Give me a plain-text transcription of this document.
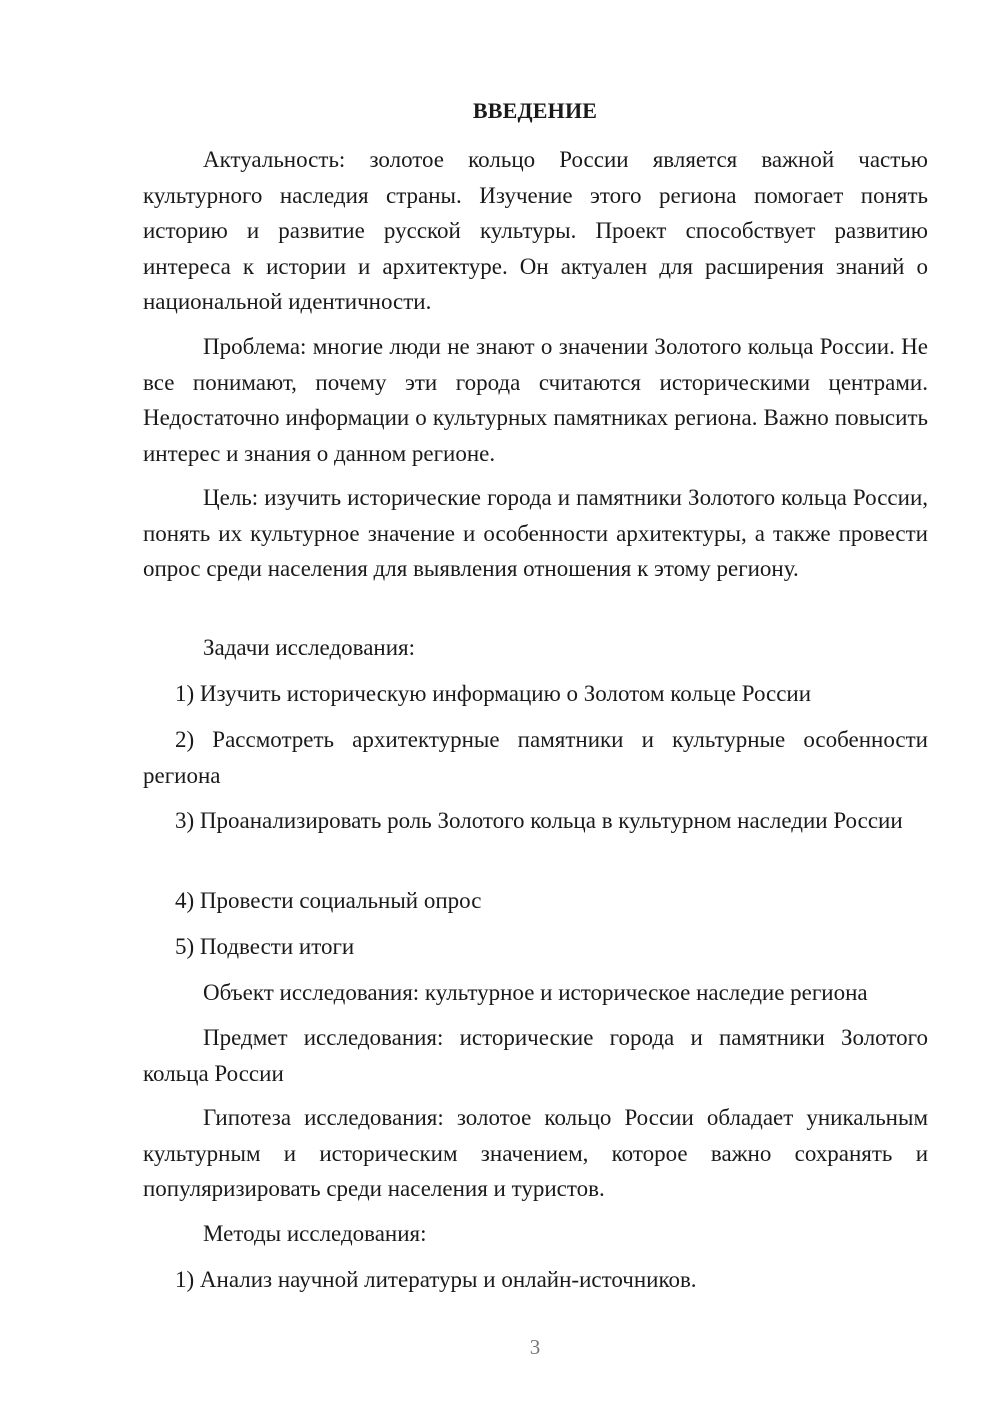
ВВЕДЕНИЕ

Актуальность: золотое кольцо России является важной частью культурного наследия страны. Изучение этого региона помогает понять историю и развитие русской культуры. Проект способствует развитию интереса к истории и архитектуре. Он актуален для расширения знаний о национальной идентичности.

Проблема: многие люди не знают о значении Золотого кольца России. Не все понимают, почему эти города считаются историческими центрами. Недостаточно информации о культурных памятниках региона. Важно повысить интерес и знания о данном регионе.

Цель: изучить исторические города и памятники Золотого кольца России, понять их культурное значение и особенности архитектуры, а также провести опрос среди населения для выявления отношения к этому региону.

Задачи исследования:

1) Изучить историческую информацию о Золотом кольце России

2) Рассмотреть архитектурные памятники и культурные особенности региона

3) Проанализировать роль Золотого кольца в культурном наследии России

4) Провести социальный опрос

5) Подвести итоги

Объект исследования: культурное и историческое наследие региона

Предмет исследования: исторические города и памятники Золотого кольца России

Гипотеза исследования: золотое кольцо России обладает уникальным культурным и историческим значением, которое важно сохранять и популяризировать среди населения и туристов.

Методы исследования:

1) Анализ научной литературы и онлайн-источников.

3
